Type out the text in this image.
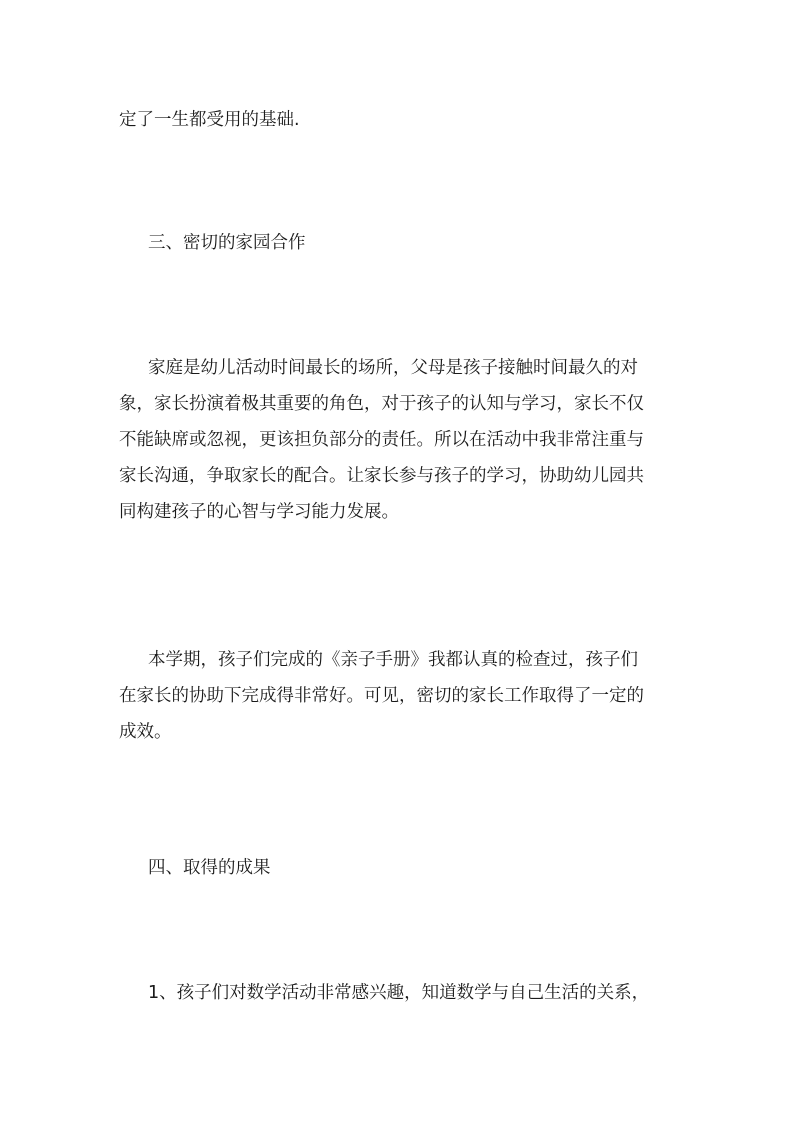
定了一生都受用的基础.

三、密切的家园合作

家庭是幼儿活动时间最长的场所，父母是孩子接触时间最久的对
象，家长扮演着极其重要的角色，对于孩子的认知与学习，家长不仅
不能缺席或忽视，更该担负部分的责任。所以在活动中我非常注重与
家长沟通，争取家长的配合。让家长参与孩子的学习，协助幼儿园共
同构建孩子的心智与学习能力发展。

本学期，孩子们完成的《亲子手册》我都认真的检查过，孩子们
在家长的协助下完成得非常好。可见，密切的家长工作取得了一定的
成效。

四、取得的成果

1、孩子们对数学活动非常感兴趣，知道数学与自己生活的关系，
